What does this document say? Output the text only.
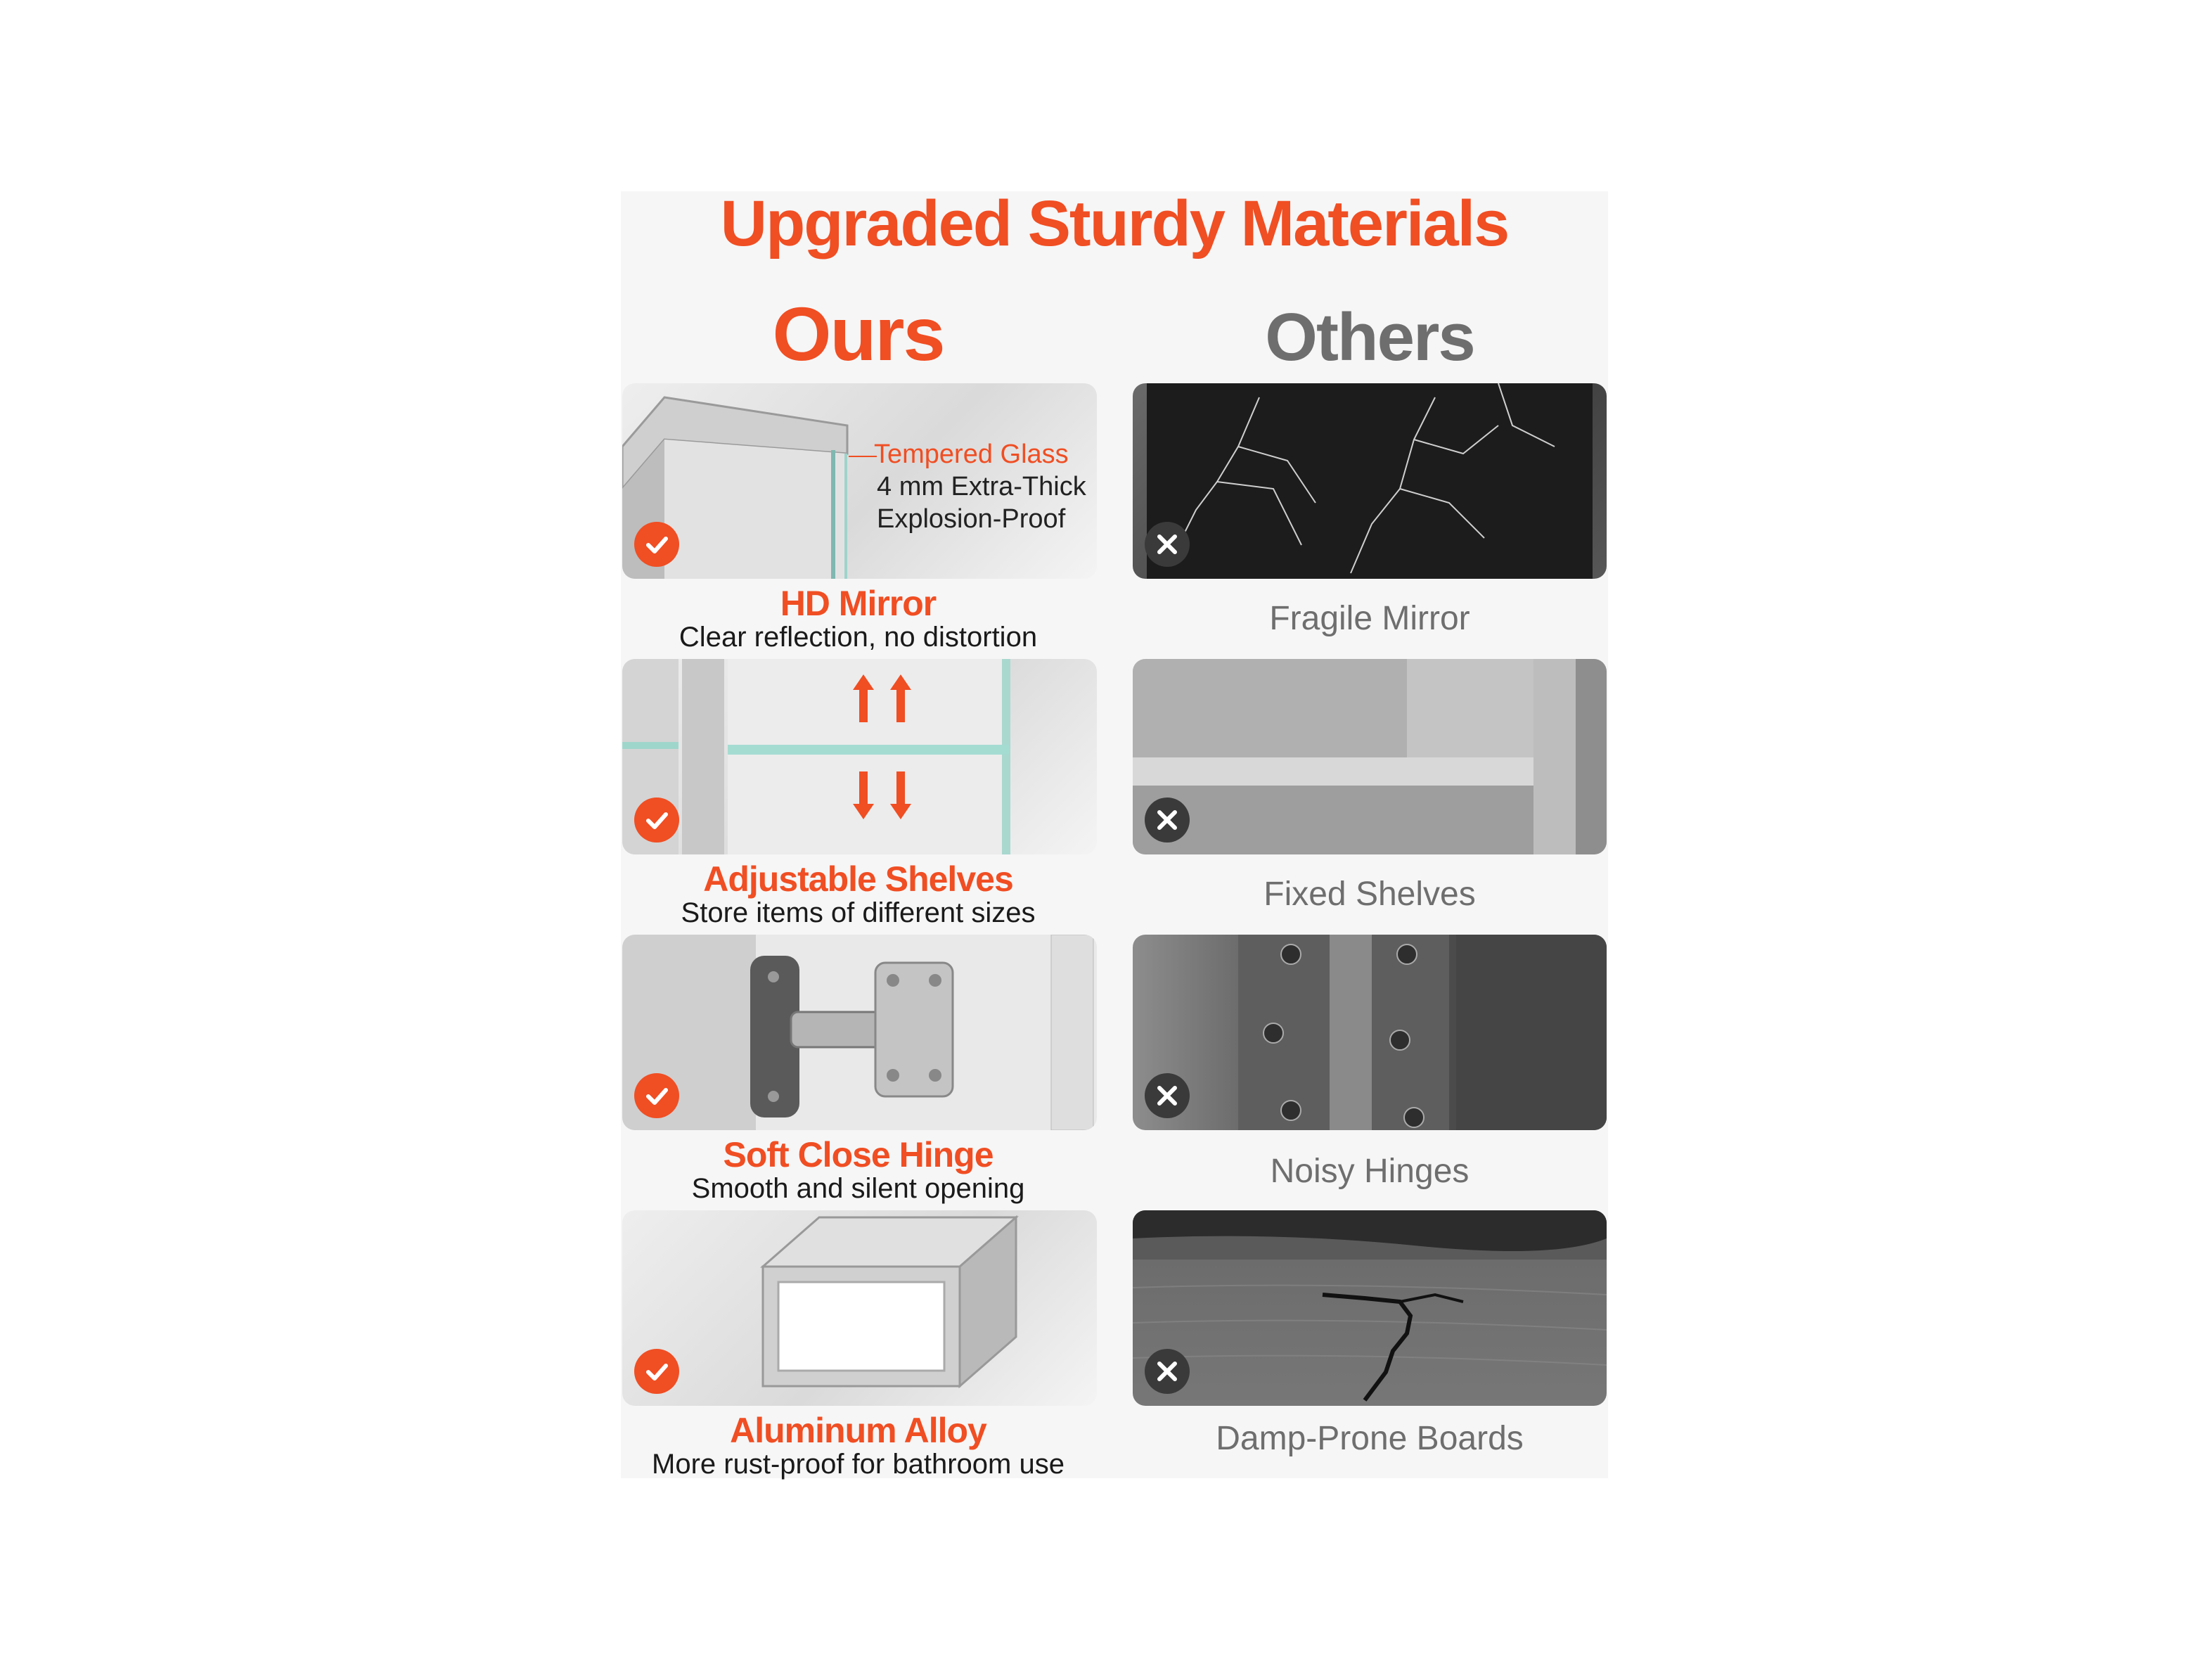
Upgraded Sturdy Materials
Ours	Others
Tempered Glass
4 mm Extra-Thick
Explosion-Proof
HD Mirror
Clear reflection, no distortion
Adjustable Shelves
Store items of different sizes
Soft Close Hinge
Smooth and silent opening
Aluminum Alloy
More rust-proof for bathroom use
Fragile Mirror
Fixed Shelves
Noisy Hinges
Damp-Prone Boards
